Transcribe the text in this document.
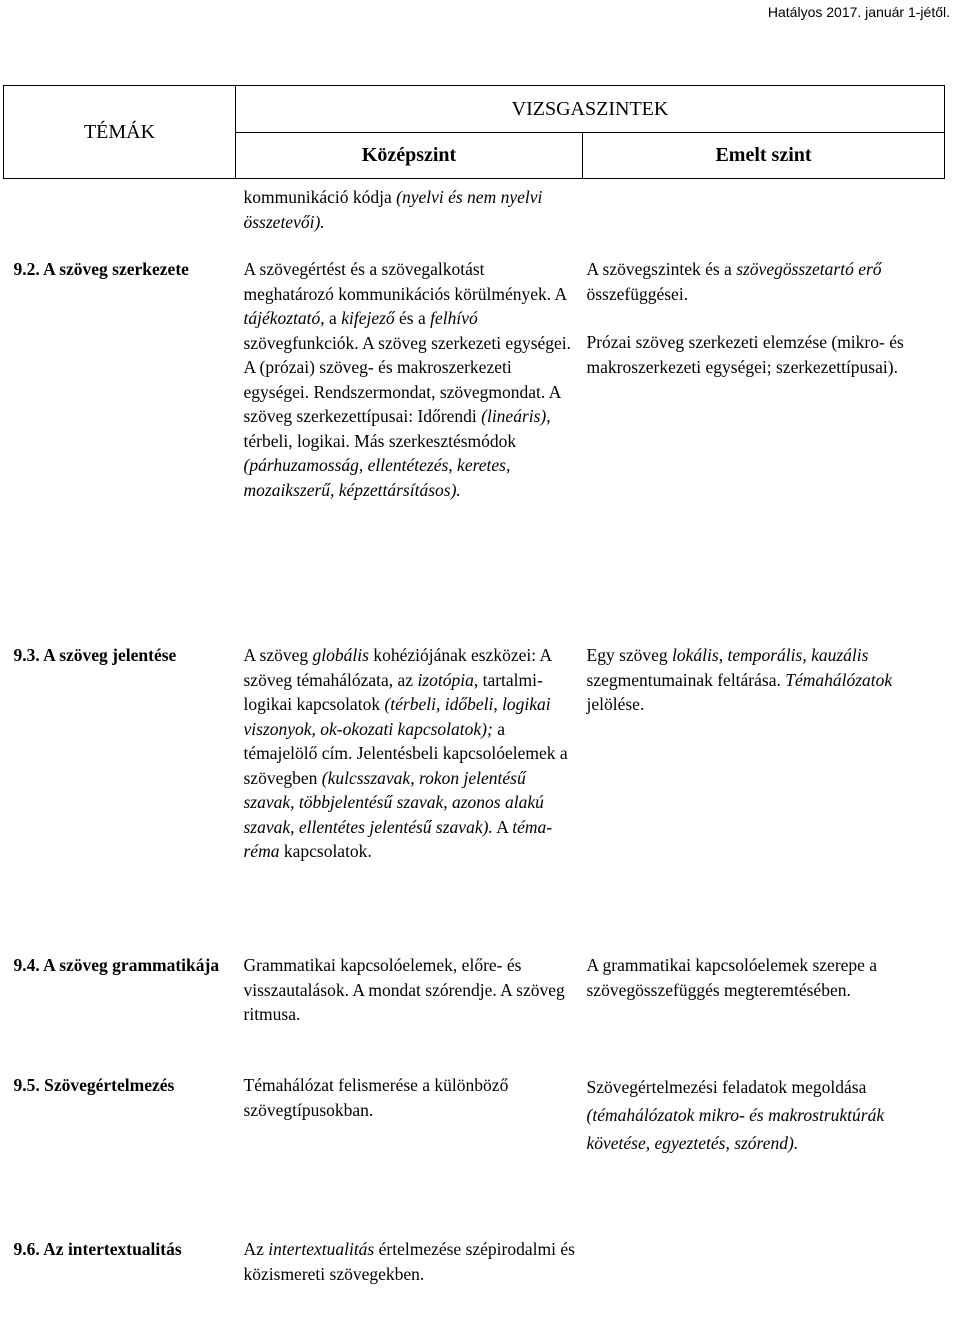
Hatályos 2017. január 1-jétől.
TÉMÁK	VIZSGASZINTEK	
	Középszint	Emelt szint
	kommunikáció kódja (nyelvi és nem nyelvi összetevői).	
9.2. A szöveg szerkezete	A szövegértést és a szövegalkotást meghatározó kommunikációs körülmények. A tájékoztató, a kifejező és a felhívó szövegfunkciók. A szöveg szerkezeti egységei. A (prózai) szöveg- és makroszerkezeti egységei. Rendszermondat, szövegmondat. A szöveg szerkezettípusai: Időrendi (lineáris), térbeli, logikai. Más szerkesztésmódok (párhuzamosság, ellentétezés, keretes, mozaikszerű, képzettársításos).	A szövegszintek és a szövegösszetartó erő összefüggései.
Prózai szöveg szerkezeti elemzése (mikro- és makroszerkezeti egységei; szerkezettípusai).
9.3. A szöveg jelentése	A szöveg globális kohéziójának eszközei: A szöveg témahálózata, az izotópia, tartalmi-logikai kapcsolatok (térbeli, időbeli, logikai viszonyok, ok-okozati kapcsolatok); a témajelölő cím. Jelentésbeli kapcsolóelemek a szövegben (kulcsszavak, rokon jelentésű szavak, többjelentésű szavak, azonos alakú szavak, ellentétes jelentésű szavak). A téma-réma kapcsolatok.	Egy szöveg lokális, temporális, kauzális szegmentumainak feltárása. Témahálózatok jelölése.
9.4. A szöveg grammatikája	Grammatikai kapcsolóelemek, előre- és visszautalások. A mondat szórendje. A szöveg ritmusa.	A grammatikai kapcsolóelemek szerepe a szövegösszefüggés megteremtésében.
9.5. Szövegértelmezés	Témahálózat felismerése a különböző szövegtípusokban.	Szövegértelmezési feladatok megoldása (témahálózatok mikro- és makrostruktúrák követése, egyeztetés, szórend).

9.6. Az intertextualitás	Az intertextualitás értelmezése szépirodalmi és közismereti szövegekben.	
